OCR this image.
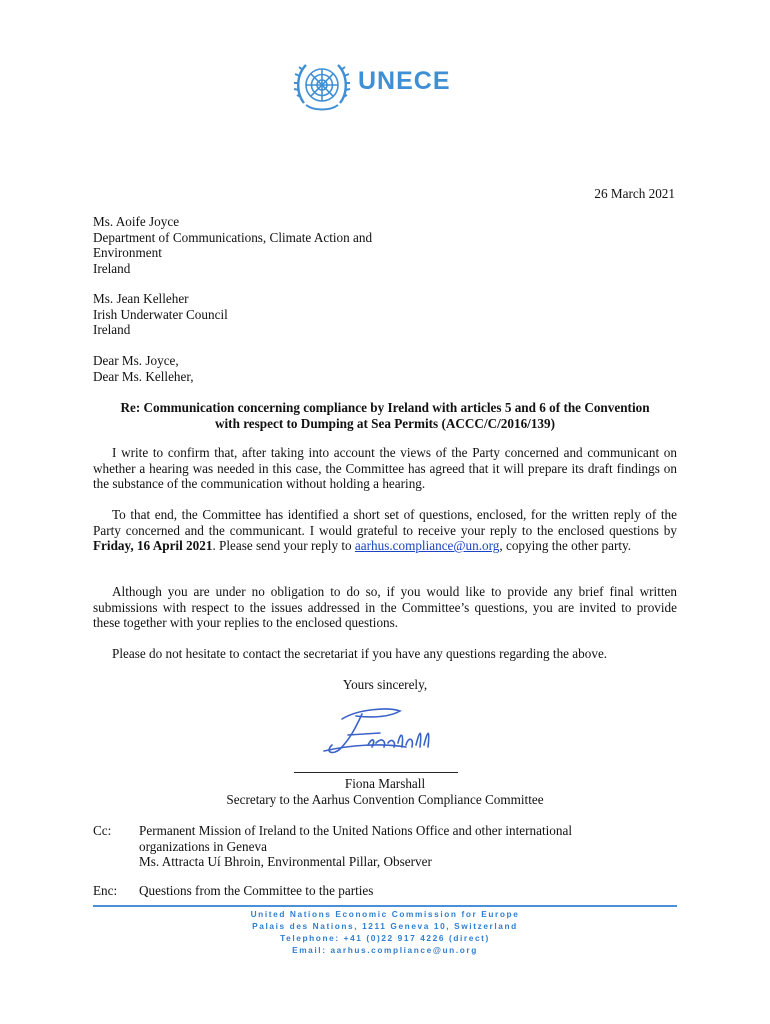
UNECE
26 March 2021
Ms. Aoife Joyce
Department of Communications, Climate Action and
Environment
Ireland
Ms. Jean Kelleher
Irish Underwater Council
Ireland
Dear Ms. Joyce,
Dear Ms. Kelleher,
Re: Communication concerning compliance by Ireland with articles 5 and 6 of the Convention
with respect to Dumping at Sea Permits (ACCC/C/2016/139)
I write to confirm that, after taking into account the views of the Party concerned and communicant on whether a hearing was needed in this case, the Committee has agreed that it will prepare its draft findings on the substance of the communication without holding a hearing.
To that end, the Committee has identified a short set of questions, enclosed, for the written reply of the Party concerned and the communicant. I would grateful to receive your reply to the enclosed questions by Friday, 16 April 2021. Please send your reply to aarhus.compliance@un.org, copying the other party.
Although you are under no obligation to do so, if you would like to provide any brief final written submissions with respect to the issues addressed in the Committee’s questions, you are invited to provide these together with your replies to the enclosed questions.
Please do not hesitate to contact the secretariat if you have any questions regarding the above.
Yours sincerely,
Fiona Marshall
Secretary to the Aarhus Convention Compliance Committee
Cc: Permanent Mission of Ireland to the United Nations Office and other international
organizations in Geneva
Ms. Attracta Uí Bhroin, Environmental Pillar, Observer
Enc: Questions from the Committee to the parties
United Nations Economic Commission for Europe
Palais des Nations, 1211 Geneva 10, Switzerland
Telephone: +41 (0)22 917 4226 (direct)
Email: aarhus.compliance@un.org
